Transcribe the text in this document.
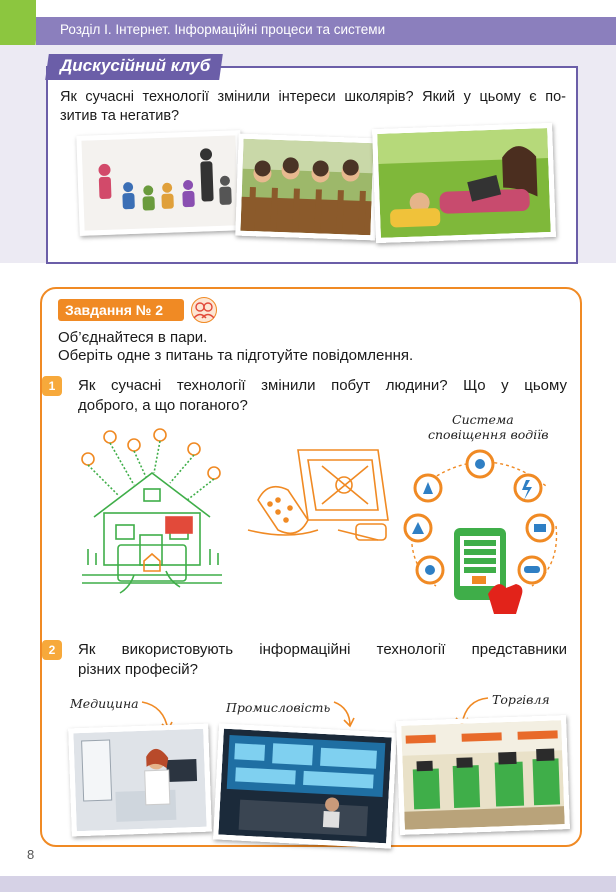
Розділ І. Інтернет. Інформаційні процеси та системи
Дискусійний клуб
Як сучасні технології змінили інтереси школярів? Який у цьому є по-
зитив та негатив?
Завдання № 2
Об’єднайтеся в пари.
Оберіть одне з питань та підготуйте повідомлення.
1	Як сучасні технології змінили побут людини? Що у цьому
доброго, а що поганого?
Система
сповіщення водіїв
2	Як використовують інформаційні технології представники
різних професій?
Медицина	Промисловість
Торгівля
8
